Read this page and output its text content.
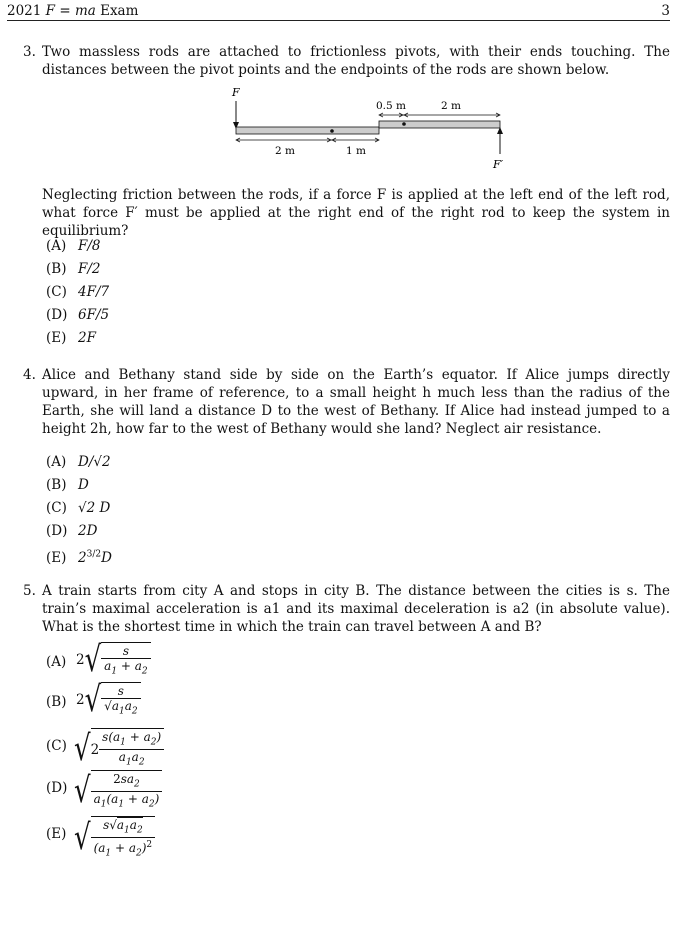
2021 F = ma Exam	3
3. Two massless rods are attached to frictionless pivots, with their ends touching. The distances between the pivot points and the endpoints of the rods are shown below.
F
F′
2 m	1 m
0.5 m	2 m
Neglecting friction between the rods, if a force F is applied at the left end of the left rod, what force F′ must be applied at the right end of the right rod to keep the system in equilibrium?
(A) F/8
(B) F/2
(C) 4F/7
(D) 6F/5
(E) 2F
4. Alice and Bethany stand side by side on the Earth’s equator. If Alice jumps directly upward, in her frame of reference, to a small height h much less than the radius of the Earth, she will land a distance D to the west of Bethany. If Alice had instead jumped to a height 2h, how far to the west of Bethany would she land? Neglect air resistance.
(A) D/√2
(B) D
(C) √2 D
(D) 2D
(E) $2^{3/2}D$
5. A train starts from city A and stops in city B. The distance between the cities is s. The train’s maximal acceleration is a1 and its maximal deceleration is a2 (in absolute value). What is the shortest time in which the train can travel between A and B?
(A) $2√ \frac{s}{a_1 + a_2}$
(B) $2√ \frac{s}{√a_1a_2}$
(C) $√2 \frac{s(a_1 + a_2)}{a_1a_2}$
(D) √ $\frac{2sa_2}{a_1(a_1 + a_2)}$
(E) √ $\frac{s√a_1a_2}{(a_1 + a_2)^2}$
